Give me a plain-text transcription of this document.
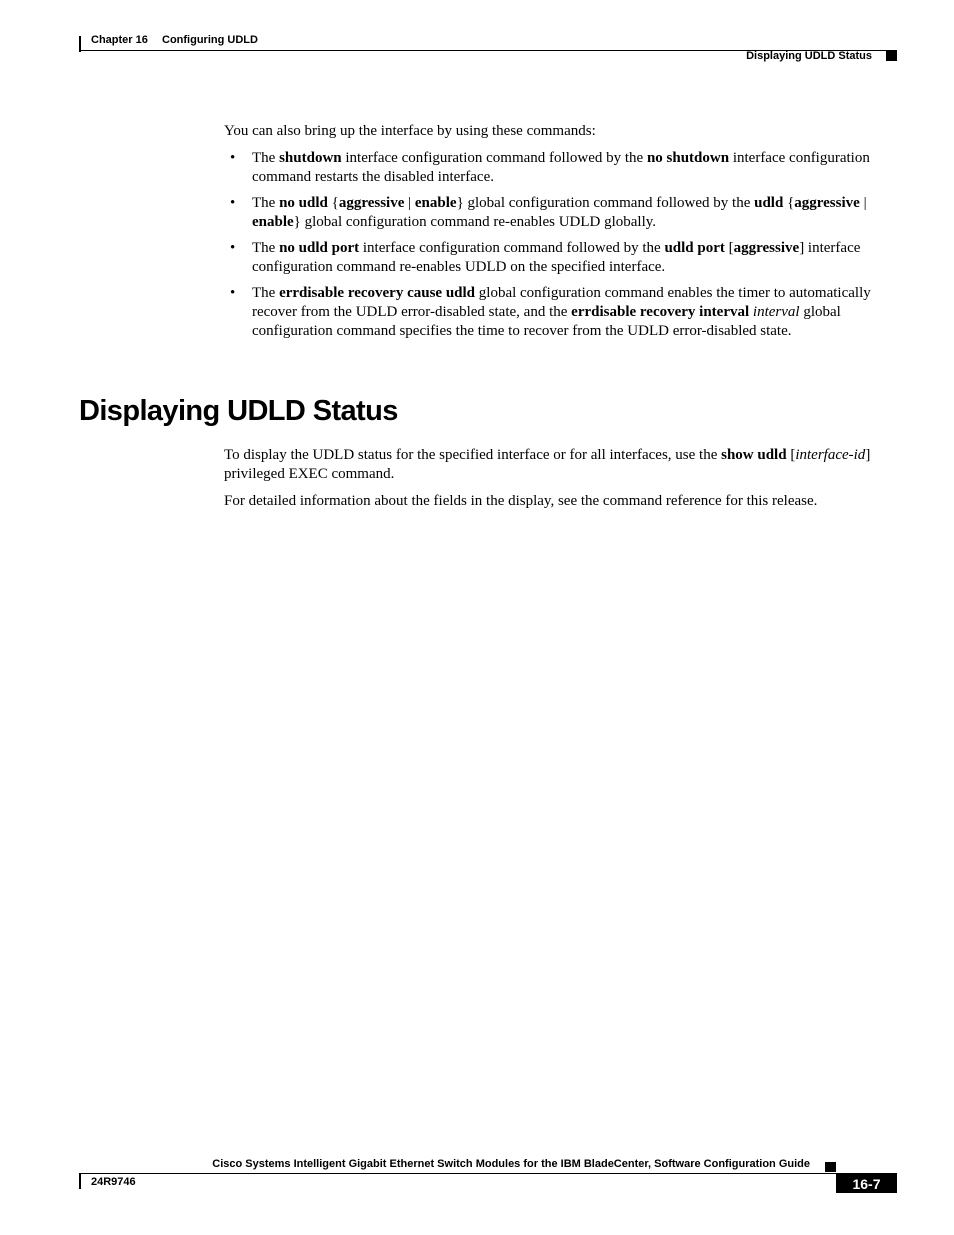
Chapter 16 Configuring UDLD
Displaying UDLD Status

You can also bring up the interface by using these commands:

• The shutdown interface configuration command followed by the no shutdown interface configuration command restarts the disabled interface.

• The no udld {aggressive | enable} global configuration command followed by the udld {aggressive | enable} global configuration command re-enables UDLD globally.

• The no udld port interface configuration command followed by the udld port [aggressive] interface configuration command re-enables UDLD on the specified interface.

• The errdisable recovery cause udld global configuration command enables the timer to automatically recover from the UDLD error-disabled state, and the errdisable recovery interval interval global configuration command specifies the time to recover from the UDLD error-disabled state.

Displaying UDLD Status

To display the UDLD status for the specified interface or for all interfaces, use the show udld [interface-id] privileged EXEC command.

For detailed information about the fields in the display, see the command reference for this release.

Cisco Systems Intelligent Gigabit Ethernet Switch Modules for the IBM BladeCenter, Software Configuration Guide
24R9746	16-7
